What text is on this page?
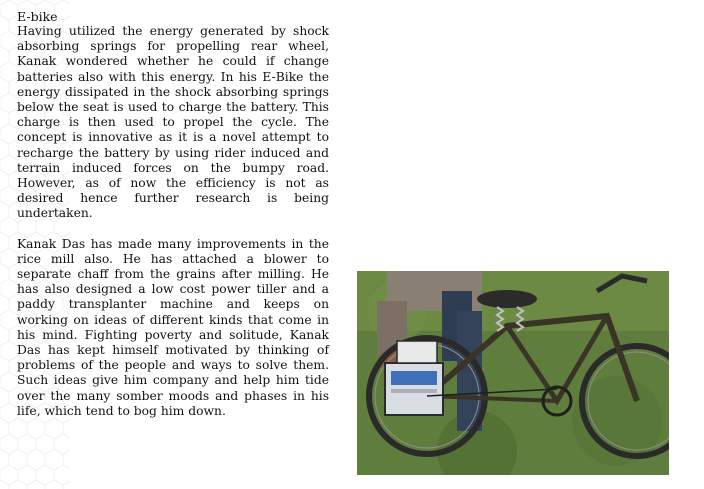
E-bike

Having utilized the energy generated by shock absorbing springs for propelling rear wheel, Kanak wondered whether he could if change batteries also with this energy. In his E-Bike the energy dissipated in the shock absorbing springs below the seat is used to charge the battery. This charge is then used to propel the cycle. The concept is innovative as it is a novel attempt to recharge the battery by using rider induced and terrain induced forces on the bumpy road. However, as of now the efficiency is not as desired hence further research is being undertaken.

Kanak Das has made many improvements in the rice mill also. He has attached a blower to separate chaff from the grains after milling. He has also designed a low cost power tiller and a paddy transplanter machine and keeps on working on ideas of different kinds that come in his mind. Fighting poverty and solitude, Kanak Das has kept himself motivated by thinking of problems of the people and ways to solve them. Such ideas give him company and help him tide over the many somber moods and phases in his life, which tend to bog him down.
